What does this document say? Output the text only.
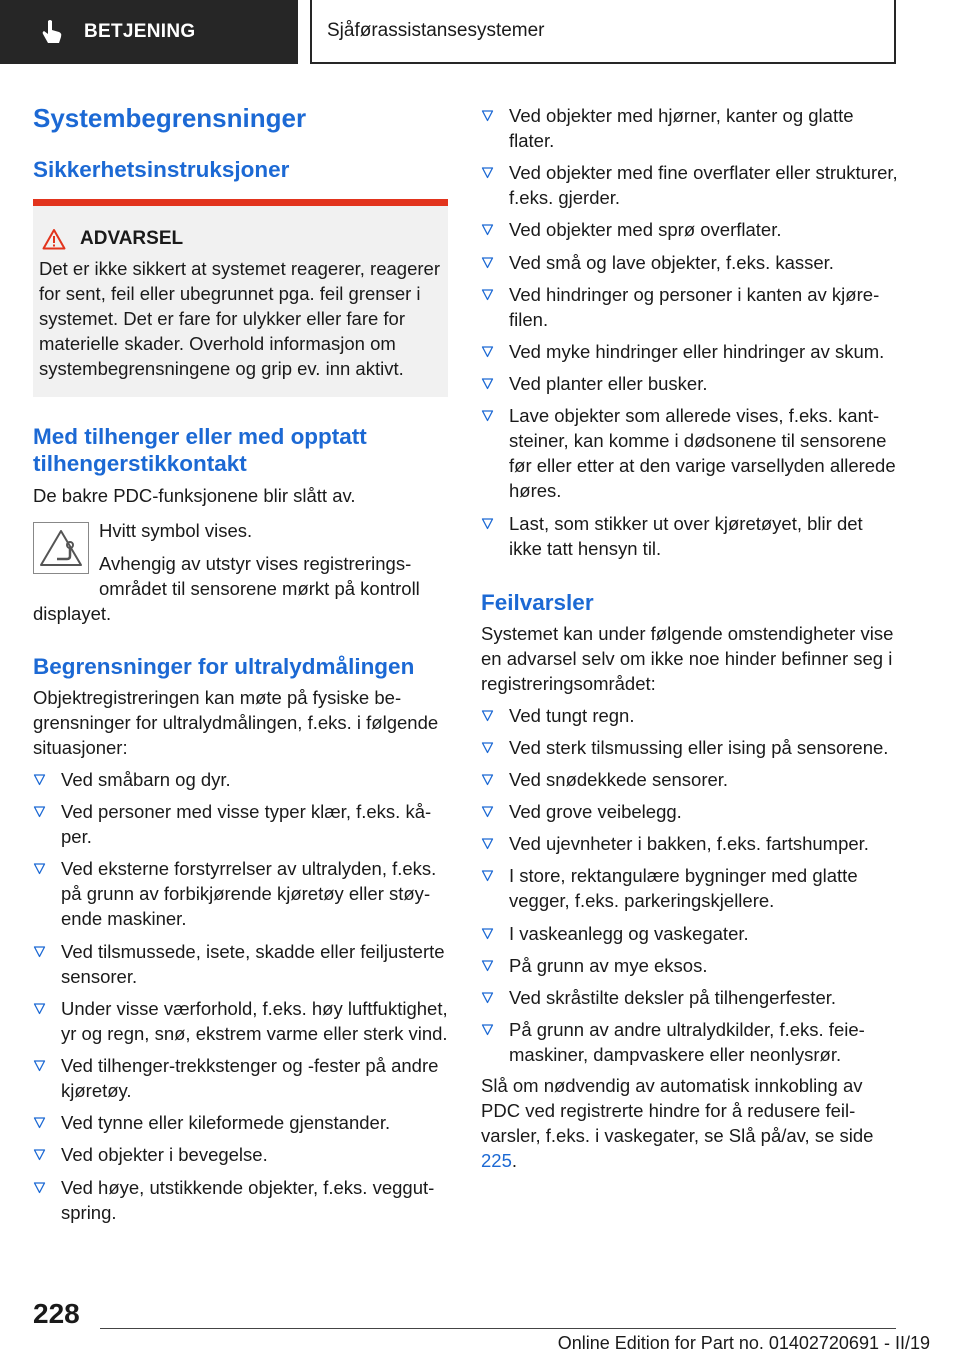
BETJENING	Sjåførassistansesystemer
Systembegrensninger
Sikkerhetsinstruksjoner
ADVARSEL

Det er ikke sikkert at systemet reagerer, reagerer for sent, feil eller ubegrunnet pga. feil grenser i systemet. Det er fare for ulykker eller fare for materielle skader. Overhold informasjon om systembegrensningene og grip ev. inn aktivt.

Med tilhenger eller med opptatt tilhengerstikkontakt

De bakre PDC-funksjonene blir slått av.

Hvitt symbol vises.
Avhengig av utstyr vises registreringsområdet til sensorene mørkt på kontroll
displayet.
Begrensninger for ultralydmålingen

Objektregistreringen kan møte på fysiske begrensninger for ultralydmålingen, f.eks. i følgende situasjoner:

Ved småbarn og dyr.
Ved personer med visse typer klær, f.eks. kåper.
Ved eksterne forstyrrelser av ultralyden, f.eks. på grunn av forbikjørende kjøretøy eller støyende maskiner.
Ved tilsmussede, isete, skadde eller feiljusterte sensorer.
Under visse værforhold, f.eks. høy luftfuktighet, yr og regn, snø, ekstrem varme eller sterk vind.
Ved tilhenger-trekkstenger og -fester på andre kjøretøy.
Ved tynne eller kileformede gjenstander.
Ved objekter i bevegelse.
Ved høye, utstikkende objekter, f.eks. veggutspring.
Ved objekter med hjørner, kanter og glatte flater.
Ved objekter med fine overflater eller strukturer, f.eks. gjerder.
Ved objekter med sprø overflater.
Ved små og lave objekter, f.eks. kasser.
Ved hindringer og personer i kanten av kjørefilen.
Ved myke hindringer eller hindringer av skum.
Ved planter eller busker.
Lave objekter som allerede vises, f.eks. kantsteiner, kan komme i dødsonene til sensorene før eller etter at den varige varsellyden allerede høres.
Last, som stikker ut over kjøretøyet, blir det ikke tatt hensyn til.
Feilvarsler

Systemet kan under følgende omstendigheter vise en advarsel selv om ikke noe hinder befinner seg i registreringsområdet:

Ved tungt regn.
Ved sterk tilsmussing eller ising på sensorene.
Ved snødekkede sensorer.
Ved grove veibelegg.
Ved ujevnheter i bakken, f.eks. fartshumper.
I store, rektangulære bygninger med glatte vegger, f.eks. parkeringskjellere.
I vaskeanlegg og vaskegater.
På grunn av mye eksos.
Ved skråstilte deksler på tilhengerfester.
På grunn av andre ultralydkilder, f.eks. feiemaskiner, dampvaskere eller neonlysrør.

Slå om nødvendig av automatisk innkobling av PDC ved registrerte hindre for å redusere feilvarsler, f.eks. i vaskegater, se Slå på/av, se side 225.

228
Online Edition for Part no. 01402720691 - II/19
